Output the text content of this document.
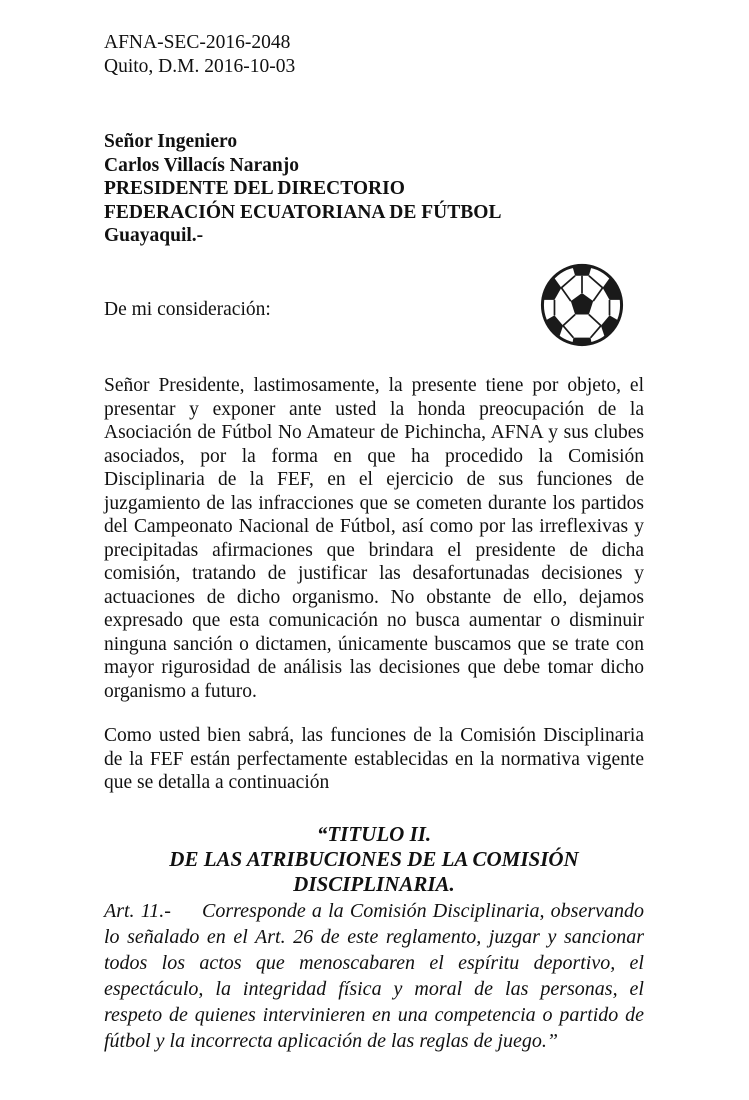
AFNA-SEC-2016-2048
Quito, D.M. 2016-10-03
Señor Ingeniero
Carlos Villacís Naranjo
PRESIDENTE DEL DIRECTORIO
FEDERACIÓN ECUATORIANA DE FÚTBOL
Guayaquil.-
De mi consideración:
Señor Presidente, lastimosamente, la presente tiene por objeto, el presentar y exponer ante usted la honda preocupación de la Asociación de Fútbol No Amateur de Pichincha, AFNA y sus clubes asociados, por la forma en que ha procedido la Comisión Disciplinaria de la FEF, en el ejercicio de sus funciones de juzgamiento de las infracciones que se cometen durante los partidos del Campeonato Nacional de Fútbol, así como por las irreflexivas y precipitadas afirmaciones que brindara el presidente de dicha comisión, tratando de justificar las desafortunadas decisiones y actuaciones de dicho organismo. No obstante de ello, dejamos expresado que esta comunicación no busca aumentar o disminuir ninguna sanción o dictamen, únicamente buscamos que se trate con mayor rigurosidad de análisis las decisiones que debe tomar dicho organismo a futuro.
Como usted bien sabrá, las funciones de la Comisión Disciplinaria de la FEF están perfectamente establecidas en la normativa vigente que se detalla a continuación
“TITULO II.
DE LAS ATRIBUCIONES DE LA COMISIÓN
DISCIPLINARIA.
Art. 11.-     Corresponde a la Comisión Disciplinaria, observando lo señalado en el Art. 26 de este reglamento, juzgar y sancionar todos los actos que menoscabaren el espíritu deportivo, el espectáculo, la integridad física y moral de las personas, el respeto de quienes intervinieren en una competencia o partido de fútbol y la incorrecta aplicación de las reglas de juego.”
